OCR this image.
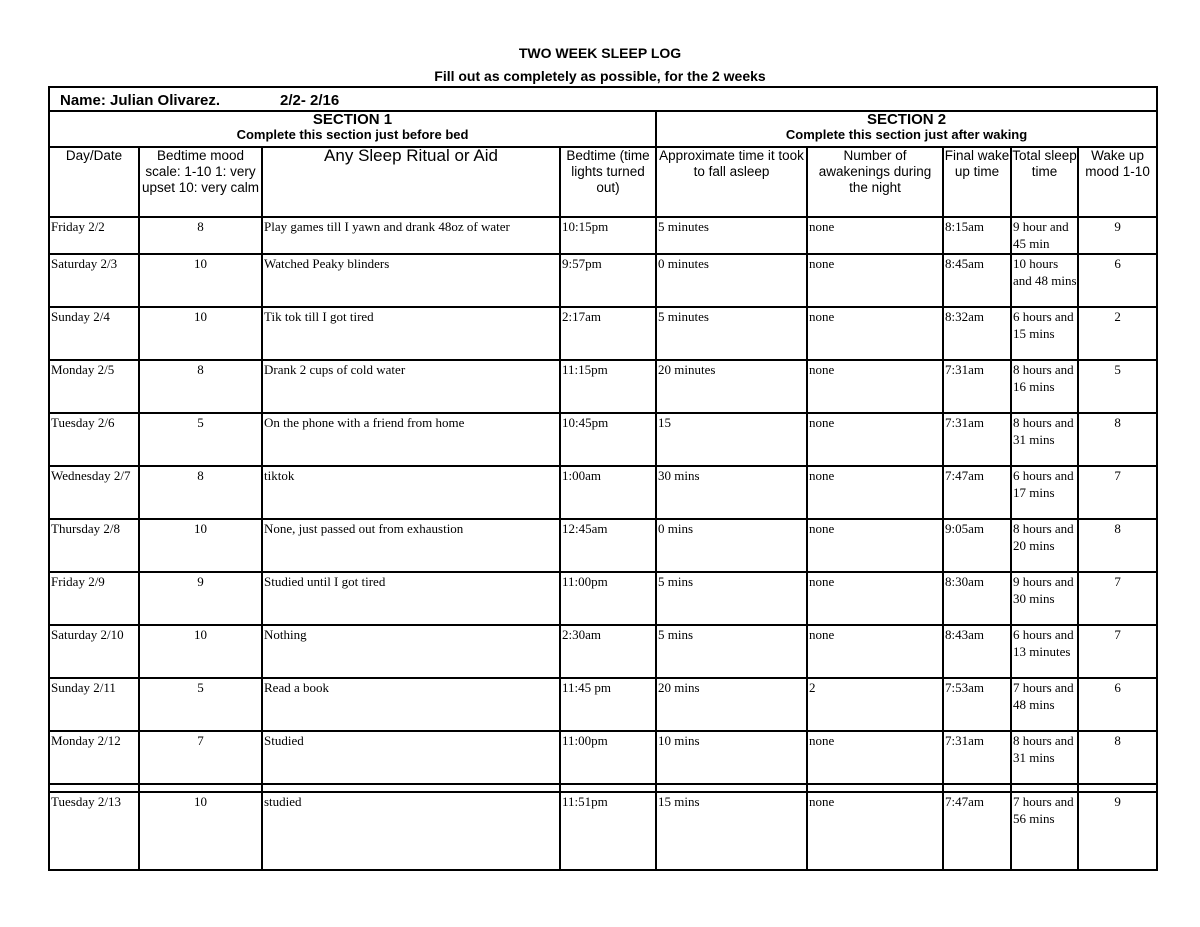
TWO WEEK SLEEP LOG
Fill out as completely as possible, for the 2 weeks
Name: Julian Olivarez. 2/2- 2/16								

SECTION 1
Complete this section just before bed				SECTION 2
Complete this section just after waking				

Day/Date	Bedtime mood scale: 1-10 1: very upset 10: very calm	Any Sleep Ritual or Aid	Bedtime (time lights turned out)	Approximate time it took to fall asleep	Number of awakenings during the night	Final wake up time	Total sleep time	Wake up mood 1-10
Friday 2/2	8	Play games till I yawn and drank 48oz of water	10:15pm	5 minutes	none	8:15am	9 hour and 45 min	9
Saturday 2/3	10	Watched Peaky blinders	9:57pm	0 minutes	none	8:45am	10 hours and 48 mins	6
Sunday 2/4	10	Tik tok till I got tired	2:17am	5 minutes	none	8:32am	6 hours and 15 mins	2
Monday 2/5	8	Drank 2 cups of cold water	11:15pm	20 minutes	none	7:31am	8 hours and 16 mins	5
Tuesday 2/6	5	On the phone with a friend from home	10:45pm	15	none	7:31am	8 hours and 31 mins	8
Wednesday 2/7	8	tiktok	1:00am	30 mins	none	7:47am	6 hours and 17 mins	7
Thursday 2/8	10	None, just passed out from exhaustion	12:45am	0 mins	none	9:05am	8 hours and 20 mins	8
Friday 2/9	9	Studied until I got tired	11:00pm	5 mins	none	8:30am	9 hours and 30 mins	7
Saturday 2/10	10	Nothing	2:30am	5 mins	none	8:43am	6 hours and 13 minutes	7
Sunday 2/11	5	Read a book	11:45 pm	20 mins	2	7:53am	7 hours and 48 mins	6
Monday 2/12	7	Studied	11:00pm	10 mins	none	7:31am	8 hours and 31 mins	8

Tuesday 2/13	10	studied	11:51pm	15 mins	none	7:47am	7 hours and 56 mins	9
